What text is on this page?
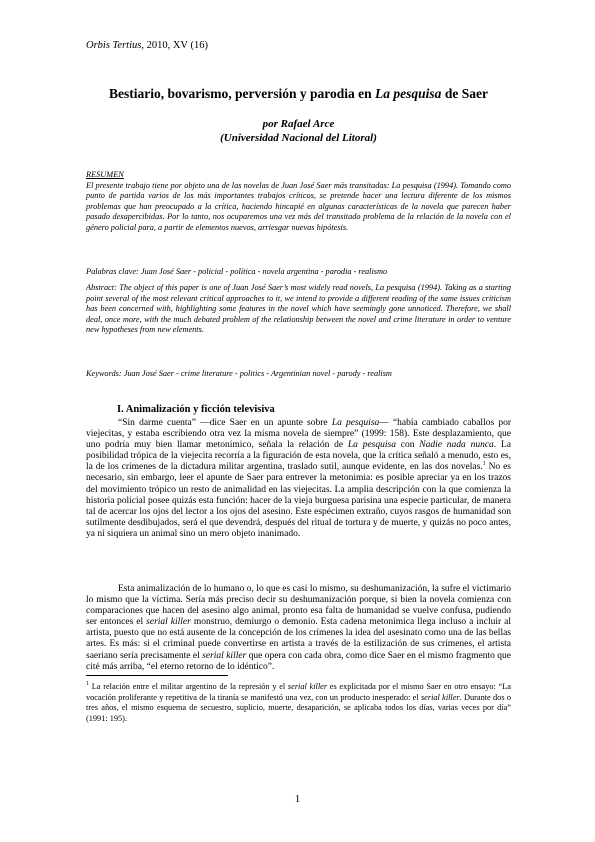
Orbis Tertius, 2010, XV (16)
Bestiario, bovarismo, perversión y parodia en La pesquisa de Saer
por Rafael Arce
(Universidad Nacional del Litoral)
RESUMEN
El presente trabajo tiene por objeto una de las novelas de Juan José Saer más transitadas: La pesquisa (1994). Tomando como punto de partida varios de los más importantes trabajos críticos, se pretende hacer una lectura diferente de los mismos problemas que han preocupado a la crítica, haciendo hincapié en algunas características de la novela que parecen haber pasado desapercibidas. Por lo tanto, nos ocuparemos una vez más del transitado problema de la relación de la novela con el género policial para, a partir de elementos nuevos, arriesgar nuevas hipótesis.
Palabras clave: Juan José Saer - policial - política - novela argentina - parodia - realismo
Abstract: The object of this paper is one of Juan José Saer’s most widely read novels, La pesquisa (1994). Taking as a starting point several of the most relevant critical approaches to it, we intend to provide a different reading of the same issues criticism has been concerned with, highlighting some features in the novel which have seemingly gone unnoticed. Therefore, we shall deal, once more, with the much debated problem of the relationship between the novel and crime literature in order to venture new hypotheses from new elements.
Keywords: Juan José Saer - crime literature - politics - Argentinian novel - parody - realism
I. Animalización y ficción televisiva
“Sin darme cuenta” —dice Saer en un apunte sobre La pesquisa— “había cambiado caballos por viejecitas, y estaba escribiendo otra vez la misma novela de siempre” (1999: 158). Este desplazamiento, que uno podría muy bien llamar metonímico, señala la relación de La pesquisa con Nadie nada nunca. La posibilidad trópica de la viejecita recorría a la figuración de esta novela, que la crítica señaló a menudo, esto es, la de los crímenes de la dictadura militar argentina, traslado sutil, aunque evidente, en las dos novelas.$^1$ No es necesario, sin embargo, leer el apunte de Saer para entrever la metonimia: es posible apreciar ya en los trazos del movimiento trópico un resto de animalidad en las viejecitas. La amplia descripción con la que comienza la historia policial posee quizás esta función: hacer de la vieja burguesa parisina una especie particular, de manera tal de acercar los ojos del lector a los ojos del asesino. Este espécimen extraño, cuyos rasgos de humanidad son sutilmente desdibujados, será el que devendrá, después del ritual de tortura y de muerte, y quizás no poco antes, ya ni siquiera un animal sino un mero objeto inanimado.
Esta animalización de lo humano o, lo que es casi lo mismo, su deshumanización, la sufre el victimario lo mismo que la víctima. Sería más preciso decir su deshumanización porque, si bien la novela comienza con comparaciones que hacen del asesino algo animal, pronto esa falta de humanidad se vuelve confusa, pudiendo ser entonces el serial killer monstruo, demiurgo o demonio. Esta cadena metonímica llega incluso a incluir al artista, puesto que no está ausente de la concepción de los crímenes la idea del asesinato como una de las bellas artes. Es más: si el criminal puede convertirse en artista a través de la estilización de sus crímenes, el artista saeriano sería precisamente el serial killer que opera con cada obra, como dice Saer en el mismo fragmento que cité más arriba, “el eterno retorno de lo idéntico”.
$^1$ La relación entre el militar argentino de la represión y el serial killer es explicitada por el mismo Saer en otro ensayo: “La vocación proliferante y repetitiva de la tiranía se manifestó una vez, con un producto inesperado: el serial killer. Durante dos o tres años, el mismo esquema de secuestro, suplicio, muerte, desaparición, se aplicaba todos los días, varias veces por día” (1991: 195).
1
